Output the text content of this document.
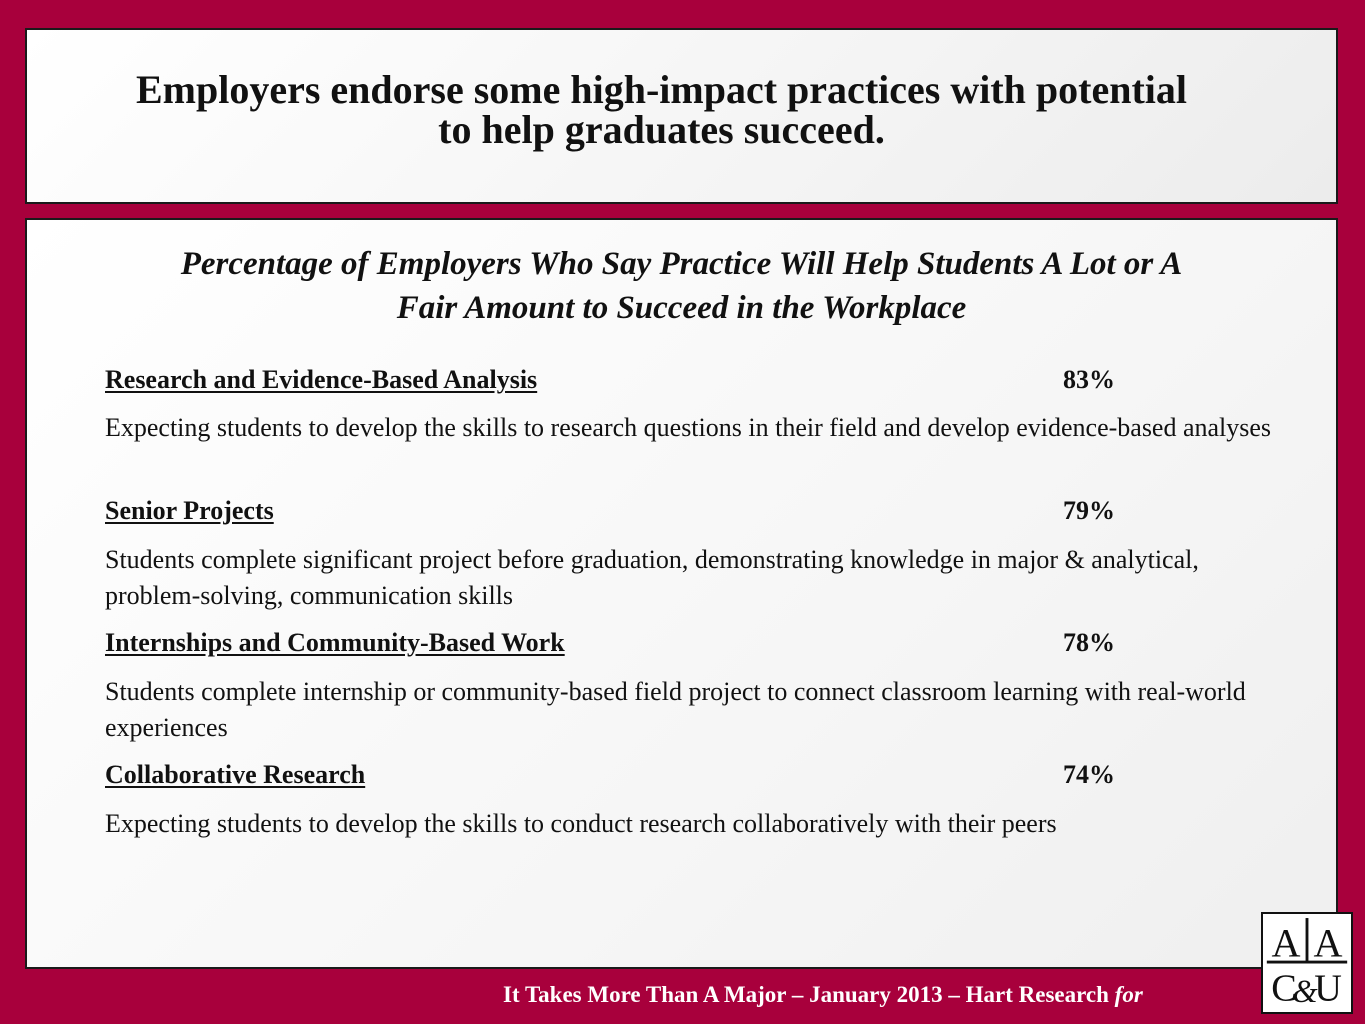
Employers endorse some high-impact practices with potential
to help graduates succeed.
Percentage of Employers Who Say Practice Will Help Students A Lot or A
Fair Amount to Succeed in the Workplace
Research and Evidence-Based Analysis	83%

Expecting students to develop the skills to research questions in their field and develop evidence-based analyses

Senior Projects	79%

Students complete significant project before graduation, demonstrating knowledge in major & analytical, problem-solving, communication skills

Internships and Community-Based Work	78%

Students complete internship or community-based field project to connect classroom learning with real-world experiences

Collaborative Research	74%

Expecting students to develop the skills to conduct research collaboratively with their peers

It Takes More Than A Major – January 2013 – Hart Research for
A A
C
&
U
